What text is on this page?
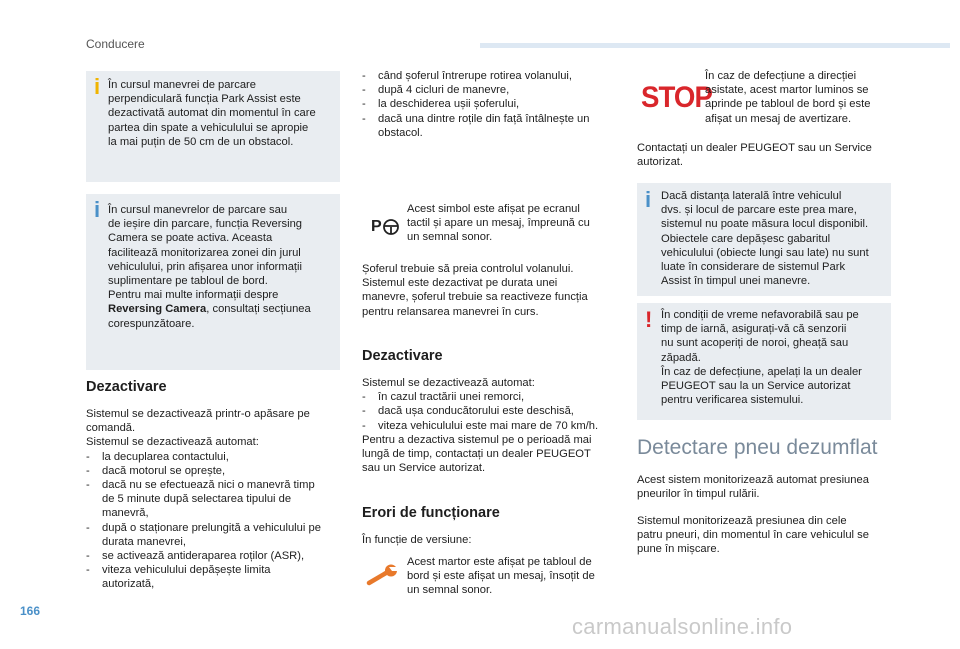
Conducere
i În cursul manevrei de parcare
perpendiculară funcția Park Assist este
dezactivată automat din momentul în care
partea din spate a vehiculului se apropie
la mai puțin de 50 cm de un obstacol.
i În cursul manevrelor de parcare sau
de ieșire din parcare, funcția Reversing
Camera se poate activa. Aceasta
facilitează monitorizarea zonei din jurul
vehiculului, prin afișarea unor informații
suplimentare pe tabloul de bord.
Pentru mai multe informații despre
Reversing Camera, consultați secțiunea
corespunzătoare.
Dezactivare
Sistemul se dezactivează printr-o apăsare pe
comandă.
Sistemul se dezactivează automat:
- la decuplarea contactului,
- dacă motorul se oprește,
- dacă nu se efectuează nici o manevră timp
de 5 minute după selectarea tipului de
manevră,
- după o staționare prelungită a vehiculului pe
durata manevrei,
- se activează antideraparea roților (ASR),
- viteza vehiculului depășește limita
autorizată,
- când șoferul întrerupe rotirea volanului,
- după 4 cicluri de manevre,
- la deschiderea ușii șoferului,
- dacă una dintre roțile din față întâlnește un
obstacol.
P
Acest simbol este afișat pe ecranul
tactil și apare un mesaj, împreună cu
un semnal sonor.
Șoferul trebuie să preia controlul volanului.
Sistemul este dezactivat pe durata unei
manevre, șoferul trebuie sa reactiveze funcția
pentru relansarea manevrei în curs.
Dezactivare
Sistemul se dezactivează automat:
- în cazul tractării unei remorci,
- dacă ușa conducătorului este deschisă,
- viteza vehiculului este mai mare de 70 km/h.
Pentru a dezactiva sistemul pe o perioadă mai
lungă de timp, contactați un dealer PEUGEOT
sau un Service autorizat.
Erori de funcționare
În funcție de versiune:
Acest martor este afișat pe tabloul de
bord și este afișat un mesaj, însoțit de
un semnal sonor.
STOP
În caz de defecțiune a direcției
asistate, acest martor luminos se
aprinde pe tabloul de bord și este
afișat un mesaj de avertizare.
Contactați un dealer PEUGEOT sau un Service
autorizat.
i Dacă distanța laterală între vehiculul
dvs. și locul de parcare este prea mare,
sistemul nu poate măsura locul disponibil.
Obiectele care depășesc gabaritul
vehiculului (obiecte lungi sau late) nu sunt
luate în considerare de sistemul Park
Assist în timpul unei manevre.
! În condiții de vreme nefavorabilă sau pe
timp de iarnă, asigurați-vă că senzorii
nu sunt acoperiți de noroi, gheață sau
zăpadă.
În caz de defecțiune, apelați la un dealer
PEUGEOT sau la un Service autorizat
pentru verificarea sistemului.
Detectare pneu dezumflat
Acest sistem monitorizează automat presiunea
pneurilor în timpul rulării.
Sistemul monitorizează presiunea din cele
patru pneuri, din momentul în care vehiculul se
pune în mișcare.
166
carmanualsonline.info
